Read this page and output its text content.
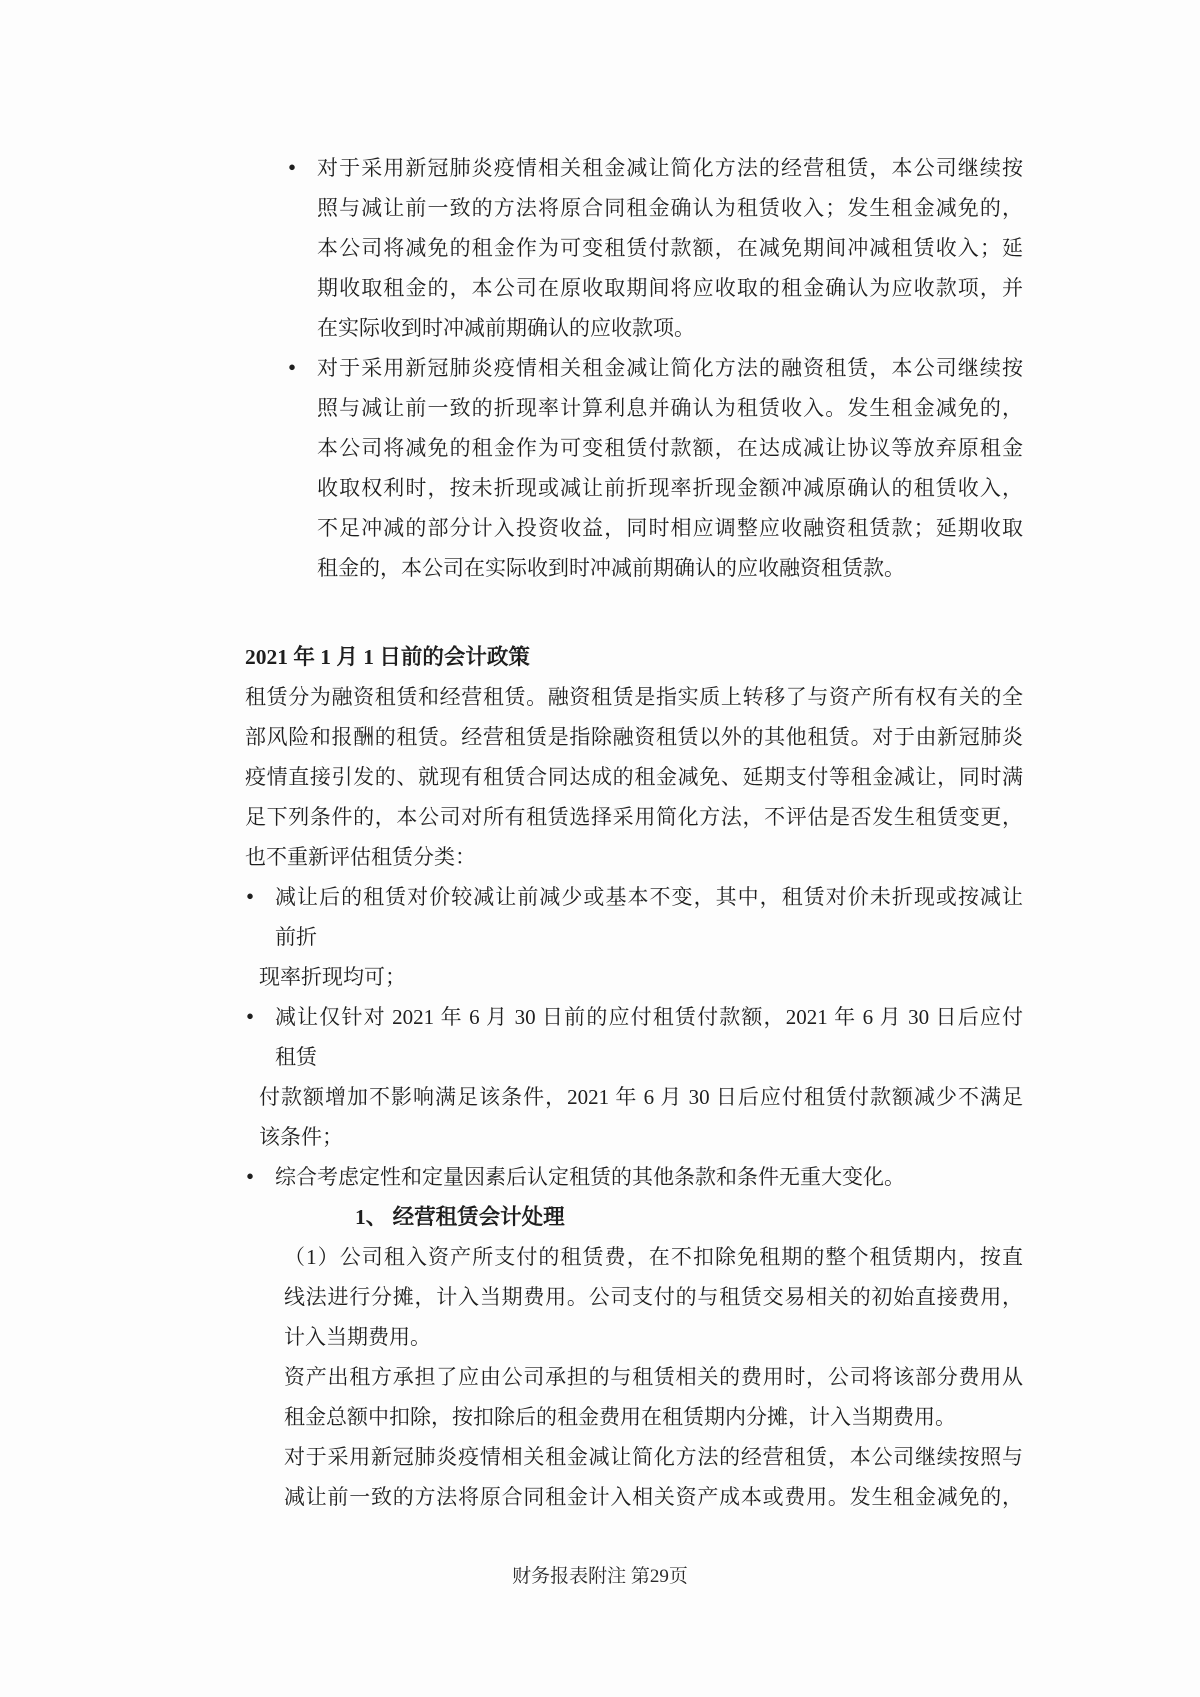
• 对于采用新冠肺炎疫情相关租金减让简化方法的经营租赁，本公司继续按
照与减让前一致的方法将原合同租金确认为租赁收入；发生租金减免的，
本公司将减免的租金作为可变租赁付款额，在减免期间冲减租赁收入；延
期收取租金的，本公司在原收取期间将应收取的租金确认为应收款项，并
在实际收到时冲减前期确认的应收款项。
• 对于采用新冠肺炎疫情相关租金减让简化方法的融资租赁，本公司继续按
照与减让前一致的折现率计算利息并确认为租赁收入。发生租金减免的，
本公司将减免的租金作为可变租赁付款额，在达成减让协议等放弃原租金
收取权利时，按未折现或减让前折现率折现金额冲减原确认的租赁收入，
不足冲减的部分计入投资收益，同时相应调整应收融资租赁款；延期收取
租金的，本公司在实际收到时冲减前期确认的应收融资租赁款。
2021 年 1 月 1 日前的会计政策
租赁分为融资租赁和经营租赁。融资租赁是指实质上转移了与资产所有权有关的全
部风险和报酬的租赁。经营租赁是指除融资租赁以外的其他租赁。对于由新冠肺炎
疫情直接引发的、就现有租赁合同达成的租金减免、延期支付等租金减让，同时满
足下列条件的，本公司对所有租赁选择采用简化方法，不评估是否发生租赁变更，
也不重新评估租赁分类：
• 减让后的租赁对价较减让前减少或基本不变，其中，租赁对价未折现或按减让
前折
现率折现均可；
• 减让仅针对 2021 年 6 月 30 日前的应付租赁付款额，2021 年 6 月 30 日后应付
租赁
付款额增加不影响满足该条件，2021 年 6 月 30 日后应付租赁付款额减少不满足
该条件；
• 综合考虑定性和定量因素后认定租赁的其他条款和条件无重大变化。
1、 经营租赁会计处理
（1）公司租入资产所支付的租赁费，在不扣除免租期的整个租赁期内，按直
线法进行分摊，计入当期费用。公司支付的与租赁交易相关的初始直接费用，
计入当期费用。
资产出租方承担了应由公司承担的与租赁相关的费用时，公司将该部分费用从
租金总额中扣除，按扣除后的租金费用在租赁期内分摊，计入当期费用。
对于采用新冠肺炎疫情相关租金减让简化方法的经营租赁，本公司继续按照与
减让前一致的方法将原合同租金计入相关资产成本或费用。发生租金减免的，
财务报表附注 第29页
